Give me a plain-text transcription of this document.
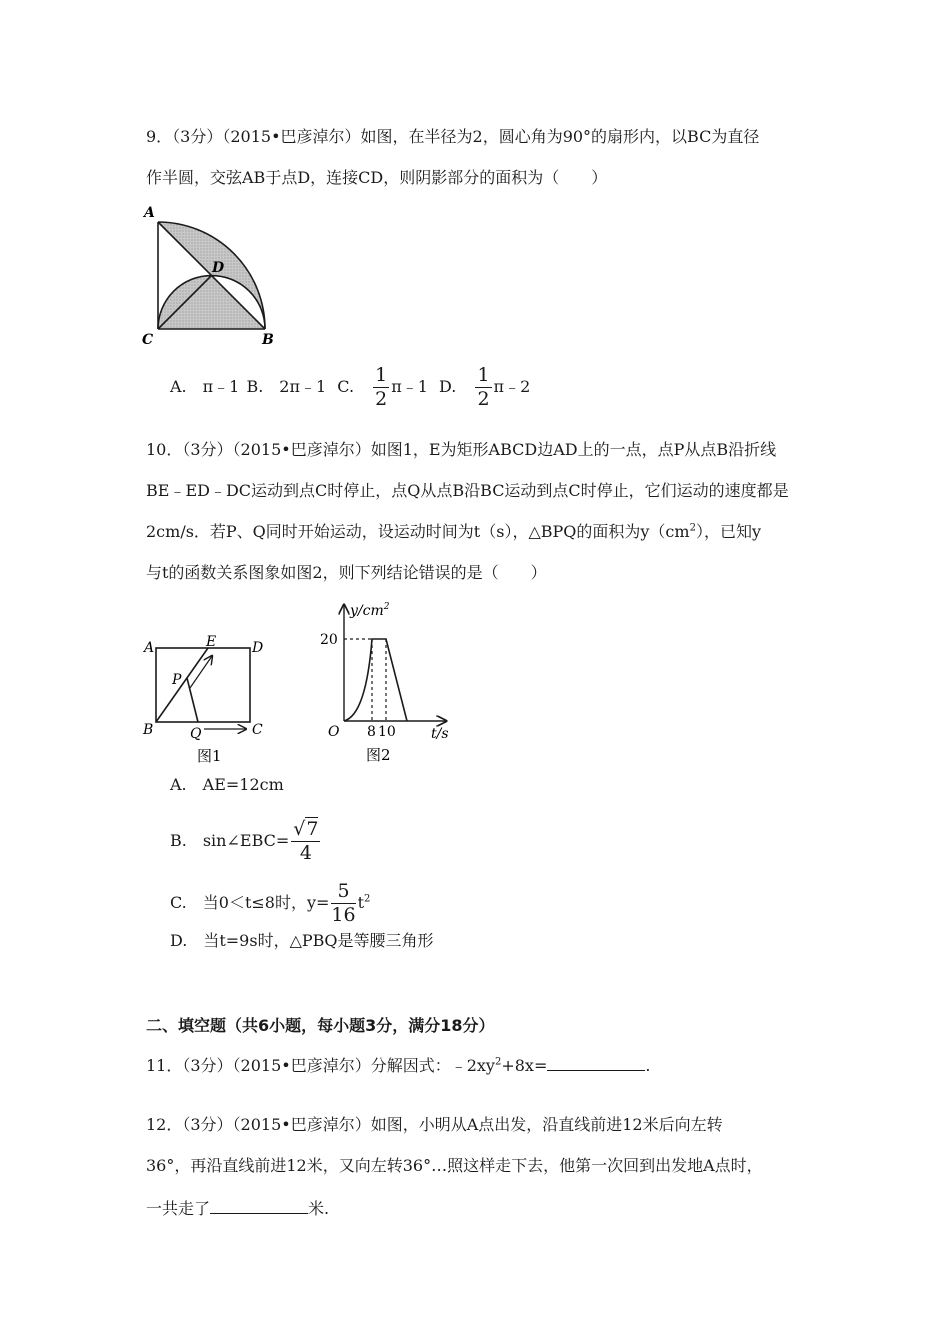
9．（3分）（2015•巴彦淖尔）如图，在半径为2，圆心角为90°的扇形内，以BC为直径
作半圆，交弦AB于点D，连接CD，则阴影部分的面积为（　　）
A
D
C	B
A.　π﹣1 B.　2π﹣1 C. $\frac{1}{2}$ π﹣1 D. $\frac{1}{2}$ π﹣2
10．（3分）（2015•巴彦淖尔）如图1，E为矩形ABCD边AD上的一点，点P从点B沿折线
BE﹣ED﹣DC运动到点C时停止，点Q从点B沿BC运动到点C时停止，它们运动的速度都是
2cm/s．若P、Q同时开始运动，设运动时间为t（s），△BPQ的面积为$y(cm^2)$，已知y
与t的函数关系图象如图2，则下列结论错误的是（　　）
A	E	D
P
B	Q	C
图1
$y/cm^2$
20
O 8 10	t/s
图2
A.　AE=12cm
B.　sin∠EBC= $\frac{√7}{4}$
C.　当0＜t≤8时，$y= \frac{5}{16} t^2$
D.　当t=9s时，△PBQ是等腰三角形
二、填空题（共6小题，每小题3分，满分18分）
11．（3分）（2015•巴彦淖尔）分解因式：$﹣2xy^2+8x=$	.
12．（3分）（2015•巴彦淖尔）如图，小明从A点出发，沿直线前进12米后向左转
36°，再沿直线前进12米，又向左转36°…照这样走下去，他第一次回到出发地A点时，
一共走了	米.
